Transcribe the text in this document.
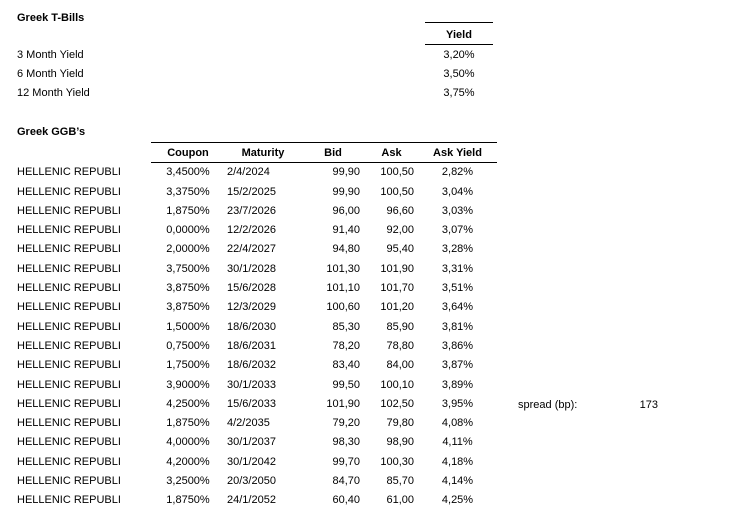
Greek T-Bills
	Yield
3 Month Yield	3,20%
6 Month Yield	3,50%
12 Month Yield	3,75%
Greek GGB’s
	Coupon	Maturity	Bid	Ask	Ask Yield
HELLENIC REPUBLI	3,4500%	2/4/2024	99,90	100,50	2,82%
HELLENIC REPUBLI	3,3750%	15/2/2025	99,90	100,50	3,04%
HELLENIC REPUBLI	1,8750%	23/7/2026	96,00	96,60	3,03%
HELLENIC REPUBLI	0,0000%	12/2/2026	91,40	92,00	3,07%
HELLENIC REPUBLI	2,0000%	22/4/2027	94,80	95,40	3,28%
HELLENIC REPUBLI	3,7500%	30/1/2028	101,30	101,90	3,31%
HELLENIC REPUBLI	3,8750%	15/6/2028	101,10	101,70	3,51%
HELLENIC REPUBLI	3,8750%	12/3/2029	100,60	101,20	3,64%
HELLENIC REPUBLI	1,5000%	18/6/2030	85,30	85,90	3,81%
HELLENIC REPUBLI	0,7500%	18/6/2031	78,20	78,80	3,86%
HELLENIC REPUBLI	1,7500%	18/6/2032	83,40	84,00	3,87%
HELLENIC REPUBLI	3,9000%	30/1/2033	99,50	100,10	3,89%
HELLENIC REPUBLI	4,2500%	15/6/2033	101,90	102,50	3,95%
HELLENIC REPUBLI	1,8750%	4/2/2035	79,20	79,80	4,08%
HELLENIC REPUBLI	4,0000%	30/1/2037	98,30	98,90	4,11%
HELLENIC REPUBLI	4,2000%	30/1/2042	99,70	100,30	4,18%
HELLENIC REPUBLI	3,2500%	20/3/2050	84,70	85,70	4,14%
HELLENIC REPUBLI	1,8750%	24/1/2052	60,40	61,00	4,25%
spread (bp):	173
